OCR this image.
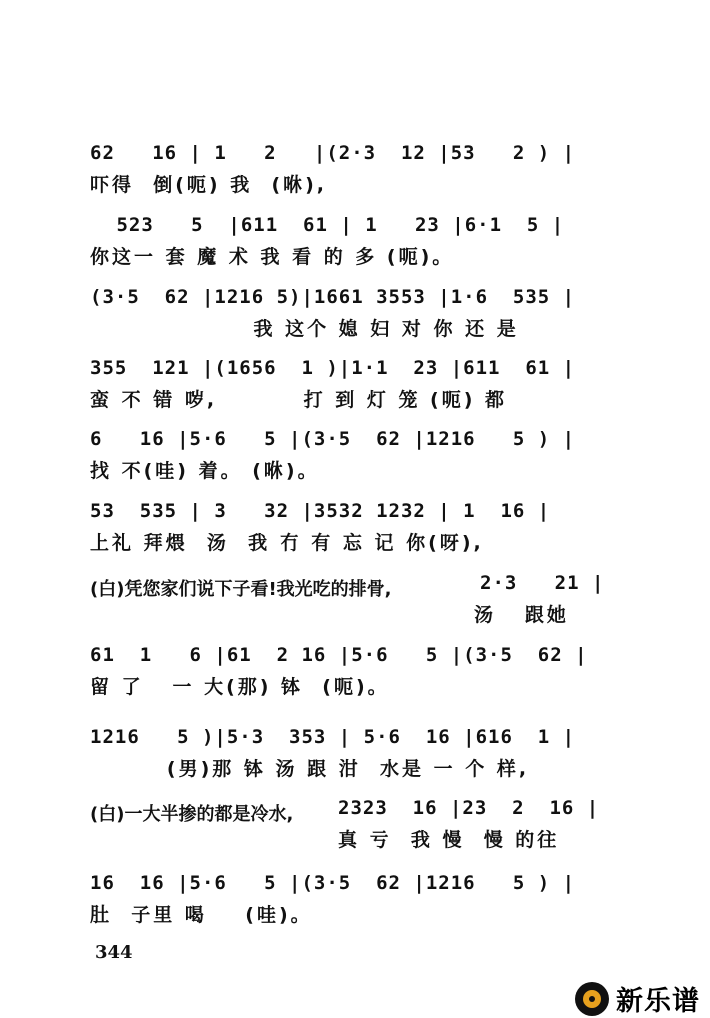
62   16 | 1   2   |(2·3  12 |53   2 ) |
吓得  倒(呃) 我  (咻),
523   5  |611  61 | 1   23 |6·1  5 |
你这一 套 魔 术 我 看 的 多 (呃)。
(3·5  62 |1216 5)|1661 3553 |1·6  535 |
我 这个 媳 妇 对 你 还 是
355  121 |(1656  1 )|1·1  23 |611  61 |
蛮 不 错 哕,         打 到 灯 笼 (呃) 都
6   16 |5·6   5 |(3·5  62 |1216   5 ) |
找 不(哇) 着。 (咻)。
53  535 | 3   32 |3532 1232 | 1  16 |
上礼 拜煨  汤  我 冇 有 忘 记 你(呀),
(白)凭您家们说下子看!我光吃的排骨,	2·3   21 |
汤   跟她
61  1   6 |61  2 16 |5·6   5 |(3·5  62 |
留 了   一 大(那) 钵  (呃)。
1216   5 )|5·3  353 | 5·6  16 |616  1 |
(男)那 钵 汤 跟 泔  水是 一 个 样,
(白)一大半掺的都是冷水, 2323  16 |23  2  16 |
真 亏  我 慢  慢 的往
16  16 |5·6   5 |(3·5  62 |1216   5 ) |
肚  子里 喝    (哇)。
344
新乐谱
